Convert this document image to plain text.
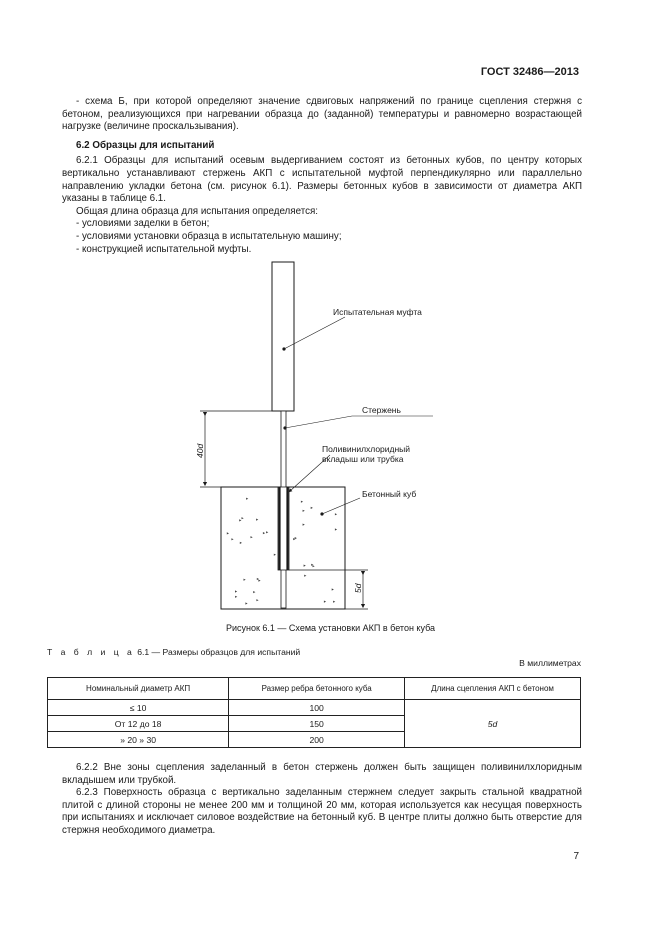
ГОСТ 32486—2013

- схема Б, при которой определяют значение сдвиговых напряжений по границе сцепления стержня с бетоном, реализующихся при нагревании образца до (заданной) температуры и равномерно возрастающей нагрузке (величине проскальзывания).

6.2 Образцы для испытаний

6.2.1 Образцы для испытаний осевым выдергиванием состоят из бетонных кубов, по центру которых вертикально устанавливают стержень АКП с испытательной муфтой перпендикулярно или параллельно направлению укладки бетона (см. рисунок 6.1). Размеры бетонных кубов в зависимости от диаметра АКП указаны в таблице 6.1.

Общая длина образца для испытания определяется:

- условиями заделки в бетон;

- условиями установки образца в испытательную машину;

- конструкцией испытательной муфты.

40d
5d
Испытательная муфта
Стержень
Поливинилхлоридный
вкладыш или трубка
Бетонный куб
Рисунок 6.1 — Схема установки АКП в бетон куба
Т а б л и ц а 6.1 — Размеры образцов для испытаний
В миллиметрах
Номинальный диаметр АКП	Размер ребра бетонного куба	Длина сцепления АКП с бетоном
≤ 10	100	5d
От 12 до 18	150	
» 20 » 30	200	

6.2.2 Вне зоны сцепления заделанный в бетон стержень должен быть защищен поливинилхлоридным вкладышем или трубкой.

6.2.3 Поверхность образца с вертикально заделанным стержнем следует закрыть стальной квадратной плитой с длиной стороны не менее 200 мм и толщиной 20 мм, которая используется как несущая поверхность при испытаниях и исключает силовое воздействие на бетонный куб. В центре плиты должно быть отверстие для стержня необходимого диаметра.

7
